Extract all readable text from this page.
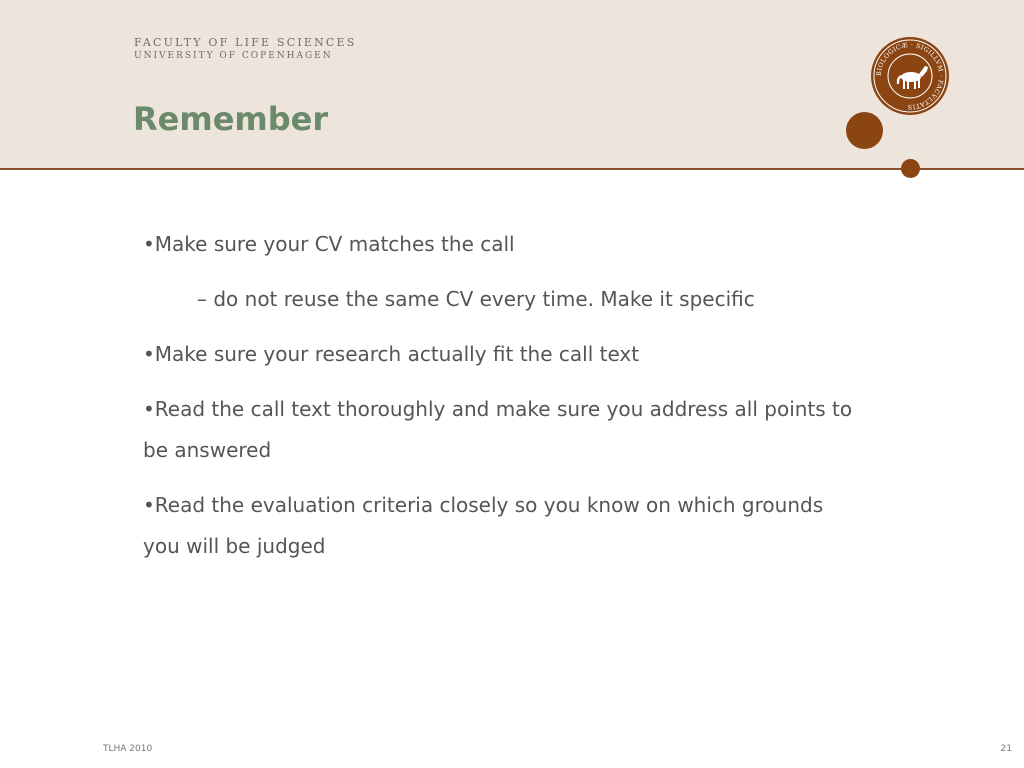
FACULTY OF LIFE SCIENCES
UNIVERSITY OF COPENHAGEN
Remember
BIOLOGICÆ · SIGILLVM · FACVLTATIS

•Make sure your CV matches the call

– do not reuse the same CV every time. Make it specific

•Make sure your research actually fit the call text

•Read the call text thoroughly and make sure you address all points to be answered

•Read the evaluation criteria closely so you know on which grounds you will be judged

TLHA 2010	21
